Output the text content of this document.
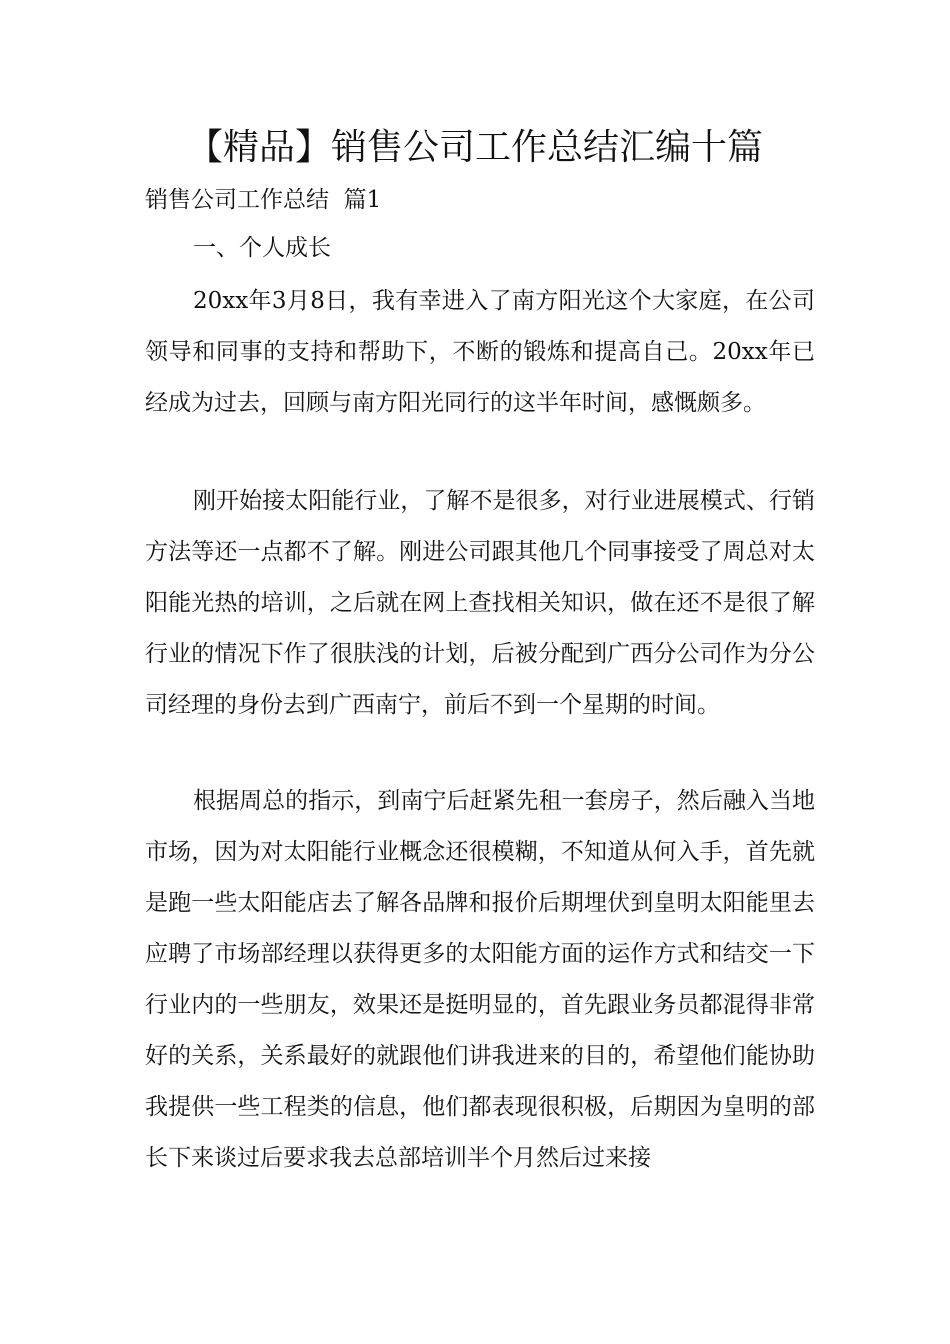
【精品】销售公司工作总结汇编十篇
销售公司工作总结  篇1
一、个人成长

20xx年3月8日，我有幸进入了南方阳光这个大家庭，在公司领导和同事的支持和帮助下，不断的锻炼和提高自己。20xx年已经成为过去，回顾与南方阳光同行的这半年时间，感慨颇多。

刚开始接太阳能行业，了解不是很多，对行业进展模式、行销方法等还一点都不了解。刚进公司跟其他几个同事接受了周总对太阳能光热的培训，之后就在网上查找相关知识，做在还不是很了解行业的情况下作了很肤浅的计划，后被分配到广西分公司作为分公司经理的身份去到广西南宁，前后不到一个星期的时间。

根据周总的指示，到南宁后赶紧先租一套房子，然后融入当地市场，因为对太阳能行业概念还很模糊，不知道从何入手，首先就是跑一些太阳能店去了解各品牌和报价后期埋伏到皇明太阳能里去应聘了市场部经理以获得更多的太阳能方面的运作方式和结交一下行业内的一些朋友，效果还是挺明显的，首先跟业务员都混得非常好的关系，关系最好的就跟他们讲我进来的目的，希望他们能协助我提供一些工程类的信息，他们都表现很积极，后期因为皇明的部长下来谈过后要求我去总部培训半个月然后过来接
